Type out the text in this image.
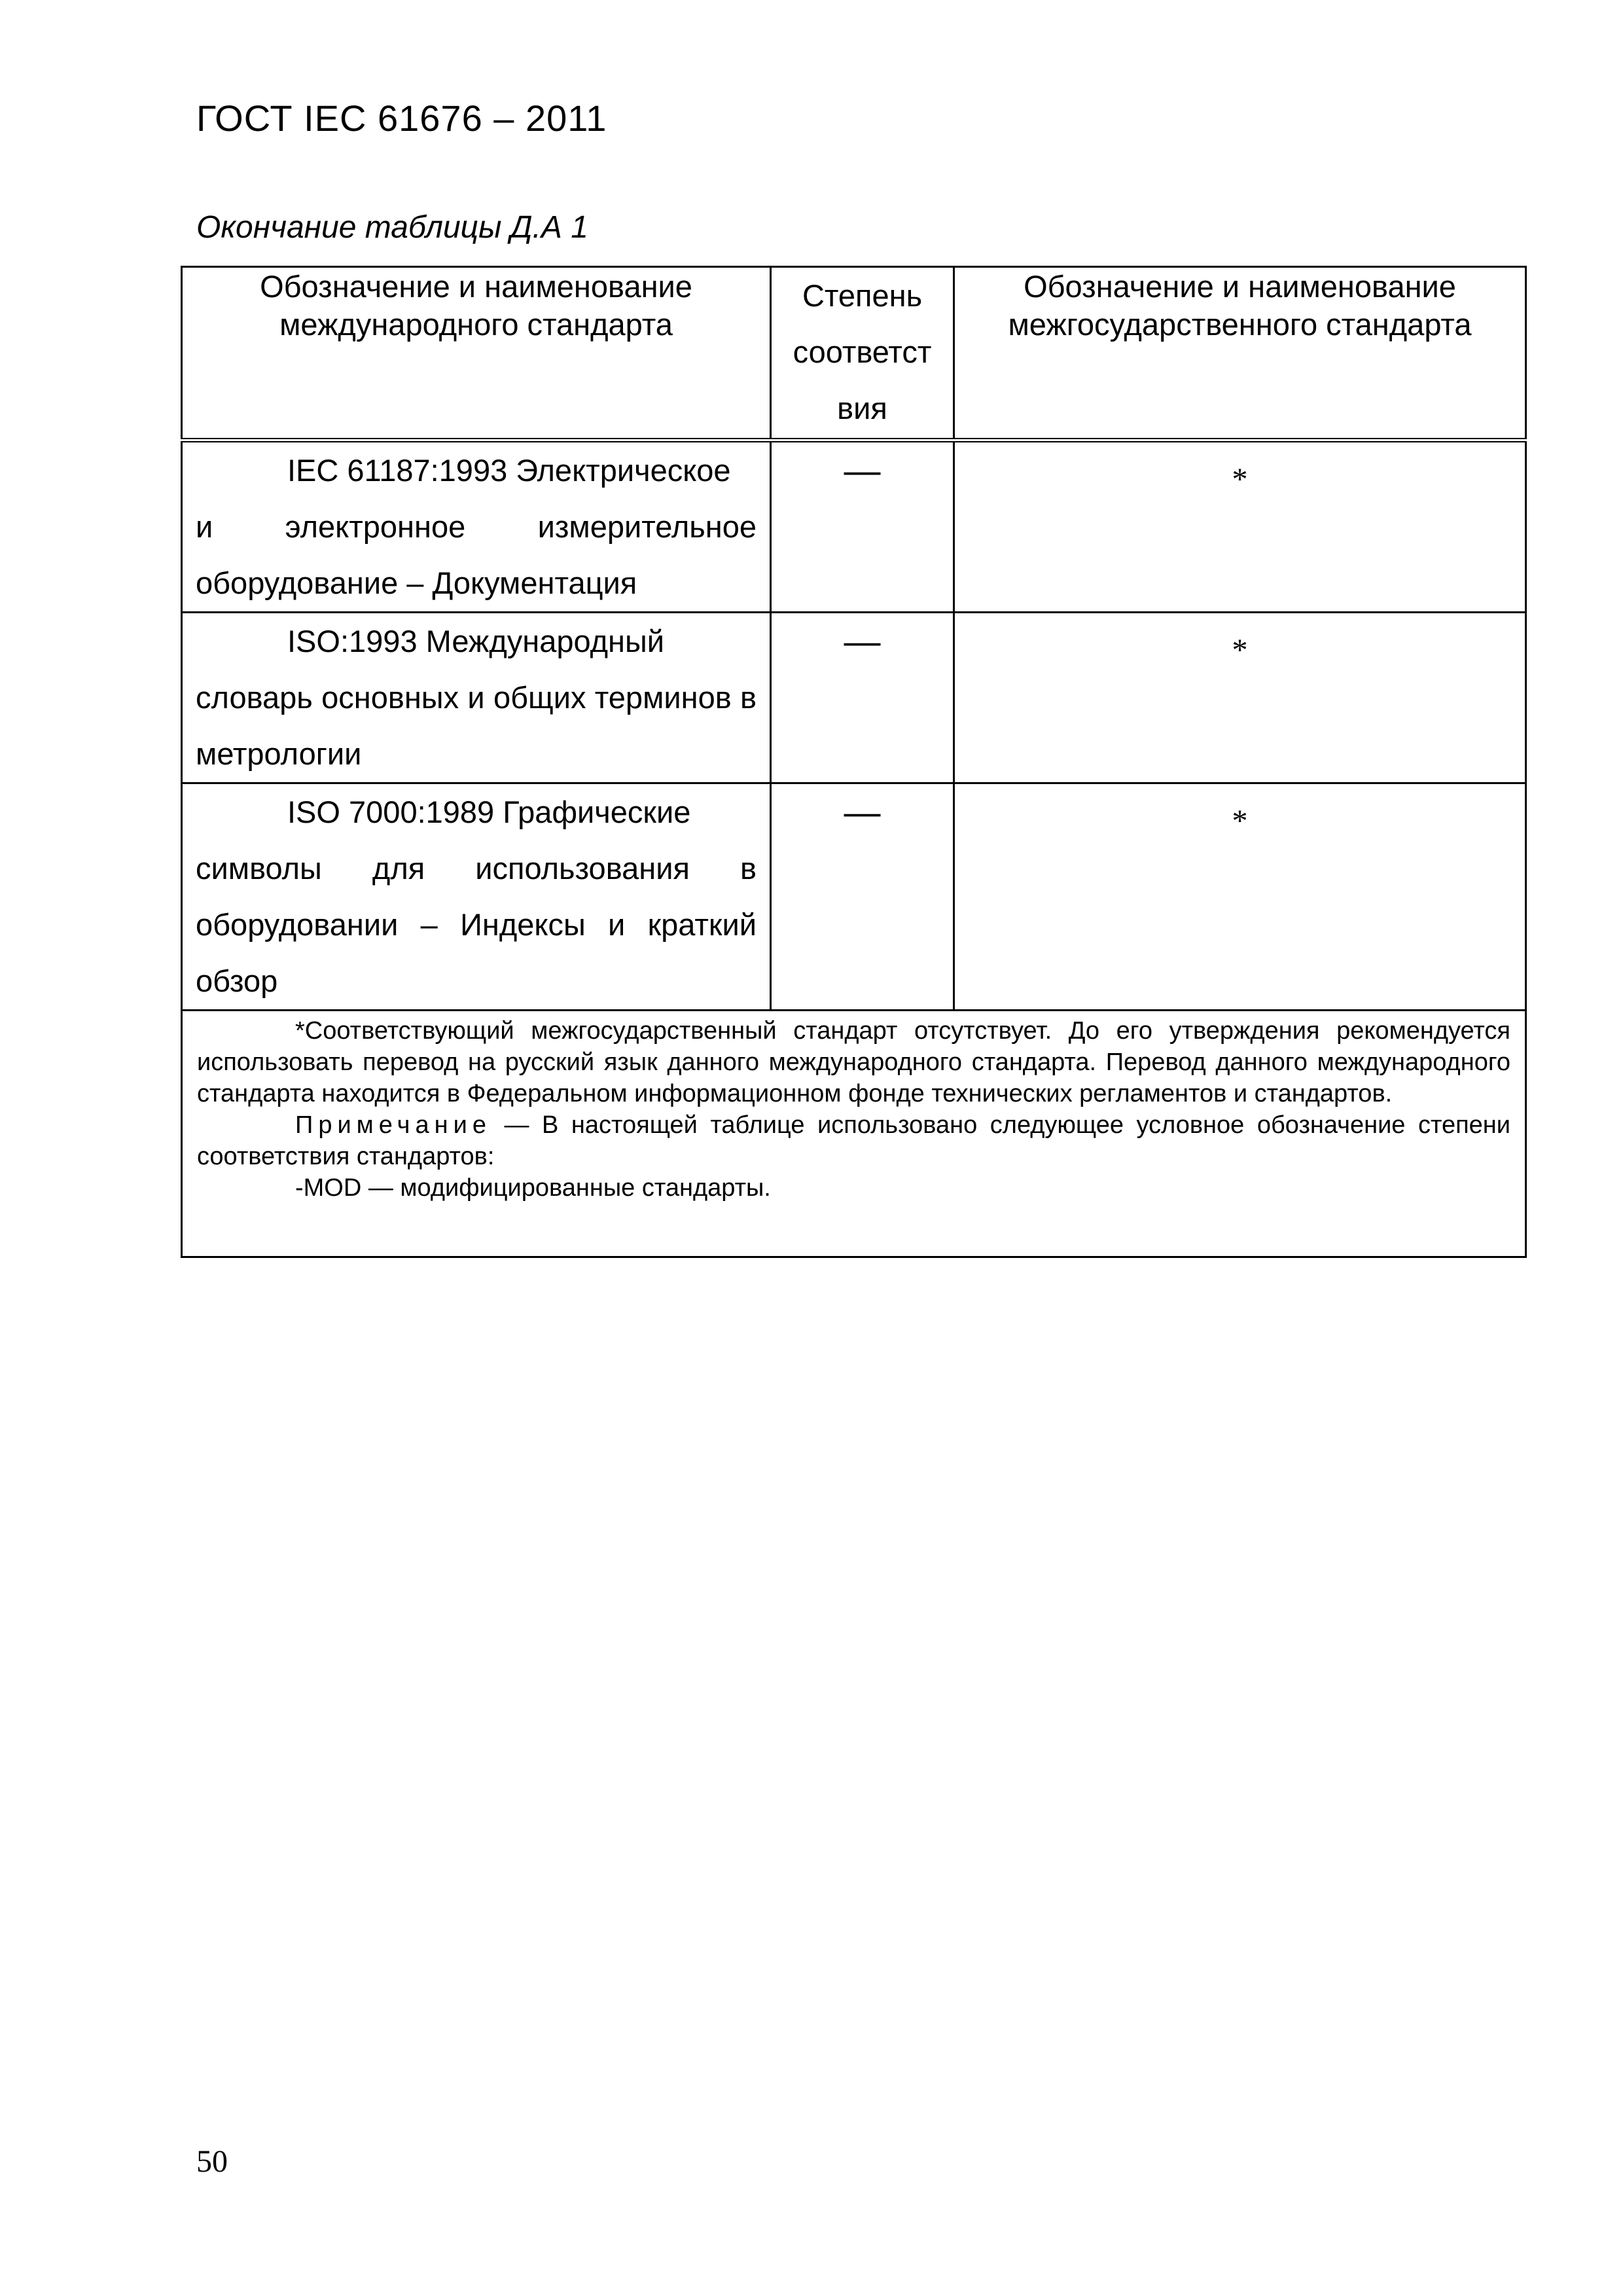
ГОСТ IEC 61676 – 2011
Окончание таблицы Д.А 1
Обозначение и наименование международного стандарта	Степень соответст вия	Обозначение и наименование межгосударственного стандарта

IEC 61187:1993 Электрическое
и электронное измерительное оборудование – Документация	—	*

ISO:1993 Международный
словарь основных и общих терминов в метрологии	—	*

ISO 7000:1989 Графические
символы для использования в оборудовании – Индексы и краткий обзор	—	*

*Соответствующий межгосударственный стандарт отсутствует. До его утверждения рекомендуется использовать перевод на русский язык данного международного стандарта. Перевод данного международного стандарта находится в Федеральном информационном фонде технических регламентов и стандартов.

Примечание — В настоящей таблице использовано следующее условное обозначение степени соответствия стандартов:

-MOD — модифицированные стандарты.		

50
